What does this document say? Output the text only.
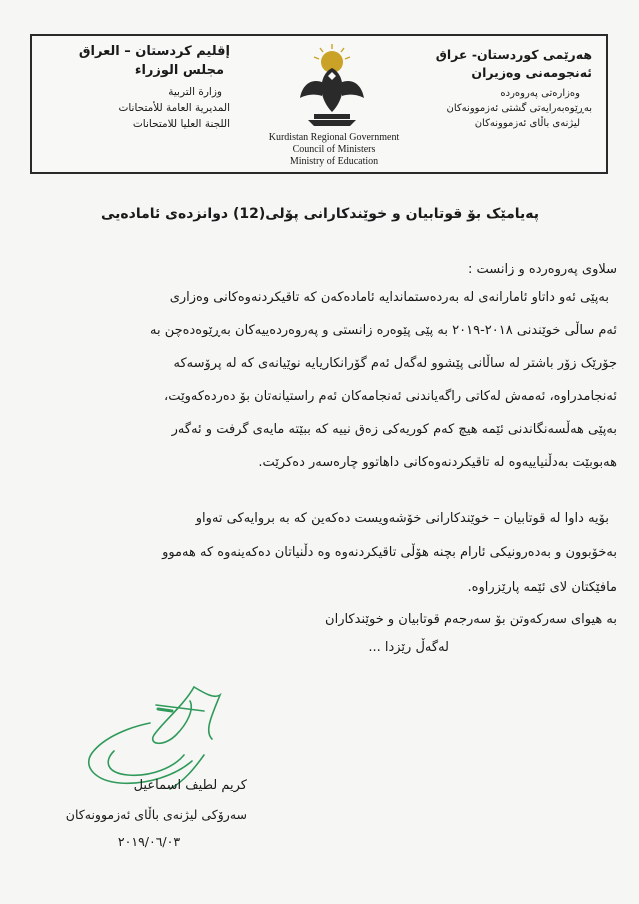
هەرێمی کوردستان- عراق
ئەنجومەنی وەزیران
وەزارەتی پەروەردە
بەڕێوەبەرایەتی گشتی ئەزموونەکان
لیژنەی باڵای ئەزموونەکان
Kurdistan Regional Government
Council of Ministers
Ministry of Education
إقليم كردستان – العراق
مجلس الوزراء
وزارة التربية
المديرية العامة للأمتحانات
اللجنة العليا للامتحانات
پەیامێک بۆ قوتابیان و خوێندکارانی پۆلی(12) دوانزدەی ئامادەیی
سلاوی پەروەردە و زانست :
بەپێی ئەو داتاو ئامارانەی لە بەردەستماندایە ئامادەکەن کە تاقیکردنەوەکانی وەزاری
ئەم ساڵی خوێندنی ٢٠١٨-٢٠١٩ بە پێی پێوەرە زانستی و پەروەردەییەکان بەڕێوەدەچن بە
جۆرێک زۆر باشتر لە ساڵانی پێشوو لەگەل ئەم گۆرانکاریایە نوێیانەی کە لە پرۆسەکە
ئەنجامدراوە، ئەمەش لەکاتی راگەیاندنی ئەنجامەکان ئەم راستیانەتان بۆ دەردەکەوێت،
بەپێی هەڵسەنگاندنی ئێمە هیچ کەم کوریەکی زەق نییە کە ببێتە مایەی گرفت و ئەگەر
هەبوبێت بەدڵنیاییەوە لە تاقیکردنەوەکانی داهاتوو چارەسەر دەکرێت.
بۆیە داوا لە قوتابیان – خوێندکارانی خۆشەویست دەکەین کە بە بروایەکی تەواو
بەخۆبوون و بەدەرونیکی ئارام بچنە هۆڵی تاقیکردنەوە وە دڵنیاتان دەکەینەوە کە هەموو
مافێکتان لای ئێمە پارێزراوە.
بە هیوای سەرکەوتن بۆ سەرجەم قوتابیان و خوێندکاران
لەگەڵ رێزدا ...
كريم لطيف اسماعيل
سەرۆکی لیژنەی باڵای ئەزموونەکان
٢٠١٩/٠٦/٠٣
